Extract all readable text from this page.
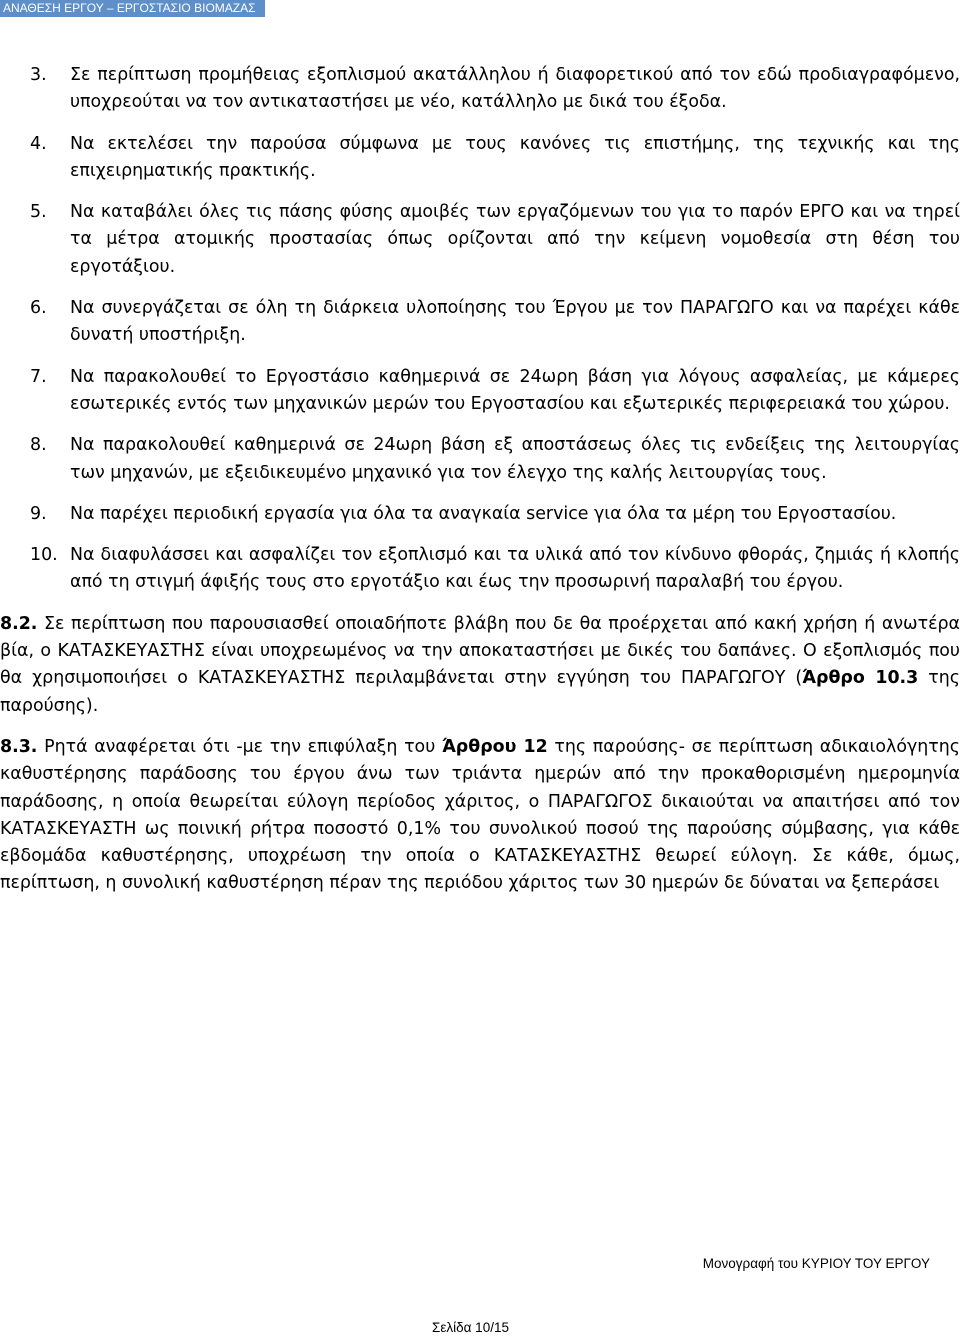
ΑΝΑΘΕΣΗ ΕΡΓΟΥ – ΕΡΓΟΣΤΑΣΙΟ ΒΙΟΜΑΖΑΣ
3.	Σε περίπτωση προμήθειας εξοπλισμού ακατάλληλου ή διαφορετικού από τον εδώ προδιαγραφόμενο, υποχρεούται να τον αντικαταστήσει με νέο, κατάλληλο με δικά του έξοδα.
4.	Να εκτελέσει την παρούσα σύμφωνα με τους κανόνες τις επιστήμης, της τεχνικής και της επιχειρηματικής πρακτικής.
5.	Να καταβάλει όλες τις πάσης φύσης αμοιβές των εργαζόμενων του για το παρόν ΕΡΓΟ και να τηρεί τα μέτρα ατομικής προστασίας όπως ορίζονται από την κείμενη νομοθεσία στη θέση του εργοτάξιου.
6.	Να συνεργάζεται σε όλη τη διάρκεια υλοποίησης του Έργου με τον ΠΑΡΑΓΩΓΟ και να παρέχει κάθε δυνατή υποστήριξη.
7.	Να παρακολουθεί το Εργοστάσιο καθημερινά σε 24ωρη βάση για λόγους ασφαλείας, με κάμερες εσωτερικές εντός των μηχανικών μερών του Εργοστασίου και εξωτερικές περιφερειακά του χώρου.
8.	Να παρακολουθεί καθημερινά σε 24ωρη βάση εξ αποστάσεως όλες τις ενδείξεις της λειτουργίας των μηχανών, με εξειδικευμένο μηχανικό για τον έλεγχο της καλής λειτουργίας τους.
9.	Να παρέχει περιοδική εργασία για όλα τα αναγκαία service για όλα τα μέρη του Εργοστασίου.
10. Να διαφυλάσσει και ασφαλίζει τον εξοπλισμό και τα υλικά από τον κίνδυνο φθοράς, ζημιάς ή κλοπής από τη στιγμή άφιξής τους στο εργοτάξιο και έως την προσωρινή παραλαβή του έργου.
8.2. Σε περίπτωση που παρουσιασθεί οποιαδήποτε βλάβη που δε θα προέρχεται από κακή χρήση ή ανωτέρα βία, ο ΚΑΤΑΣΚΕΥΑΣΤΗΣ είναι υποχρεωμένος να την αποκαταστήσει με δικές του δαπάνες. Ο εξοπλισμός που θα χρησιμοποιήσει ο ΚΑΤΑΣΚΕΥΑΣΤΗΣ περιλαμβάνεται στην εγγύηση του ΠΑΡΑΓΩΓΟΥ (Άρθρο 10.3 της παρούσης).
8.3. Ρητά αναφέρεται ότι -με την επιφύλαξη του Άρθρου 12 της παρούσης- σε περίπτωση αδικαιολόγητης καθυστέρησης παράδοσης του έργου άνω των τριάντα ημερών από την προκαθορισμένη ημερομηνία παράδοσης, η οποία θεωρείται εύλογη περίοδος χάριτος, ο ΠΑΡΑΓΩΓΟΣ δικαιούται να απαιτήσει από τον ΚΑΤΑΣΚΕΥΑΣΤΗ ως ποινική ρήτρα ποσοστό 0,1% του συνολικού ποσού της παρούσης σύμβασης, για κάθε εβδομάδα καθυστέρησης, υποχρέωση την οποία ο ΚΑΤΑΣΚΕΥΑΣΤΗΣ θεωρεί εύλογη. Σε κάθε, όμως, περίπτωση, η συνολική καθυστέρηση πέραν της περιόδου χάριτος των 30 ημερών δε δύναται να ξεπεράσει
Μονογραφή του ΚΥΡΙΟΥ ΤΟΥ ΕΡΓΟΥ
Σελίδα 10/15
